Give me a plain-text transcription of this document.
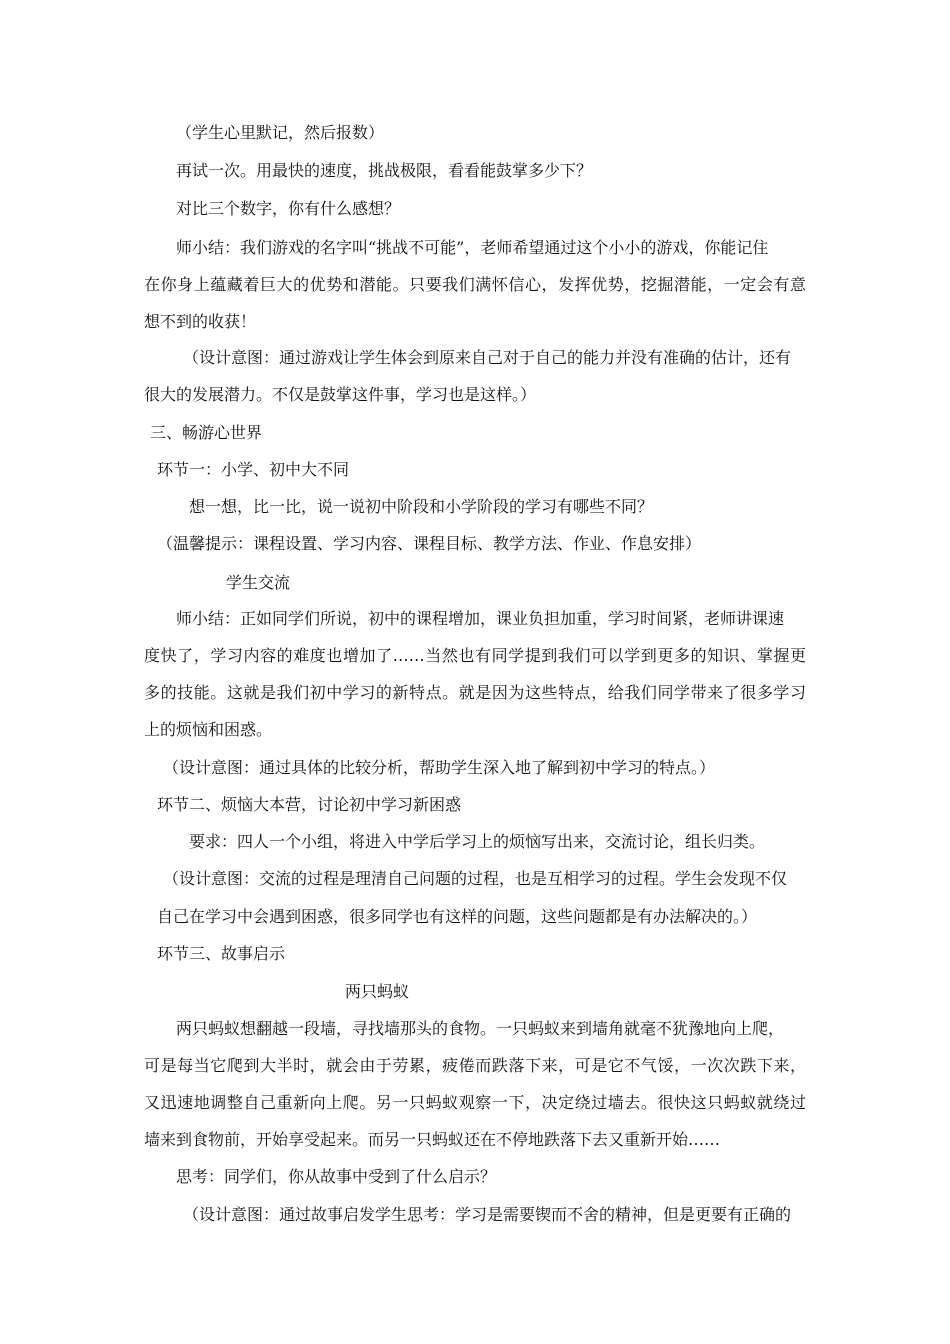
（学生心里默记，然后报数）
再试一次。用最快的速度，挑战极限，看看能鼓掌多少下？
对比三个数字，你有什么感想？
师小结：我们游戏的名字叫“挑战不可能”，老师希望通过这个小小的游戏，你能记住
在你身上蕴藏着巨大的优势和潜能。只要我们满怀信心，发挥优势，挖掘潜能，一定会有意
想不到的收获！
（设计意图：通过游戏让学生体会到原来自己对于自己的能力并没有准确的估计，还有
很大的发展潜力。不仅是鼓掌这件事，学习也是这样。）
三、畅游心世界
环节一：小学、初中大不同
想一想，比一比，说一说初中阶段和小学阶段的学习有哪些不同？
（温馨提示：课程设置、学习内容、课程目标、教学方法、作业、作息安排）
学生交流
师小结：正如同学们所说，初中的课程增加，课业负担加重，学习时间紧，老师讲课速
度快了，学习内容的难度也增加了……当然也有同学提到我们可以学到更多的知识、掌握更
多的技能。这就是我们初中学习的新特点。就是因为这些特点，给我们同学带来了很多学习
上的烦恼和困惑。
（设计意图：通过具体的比较分析，帮助学生深入地了解到初中学习的特点。）
环节二、烦恼大本营，讨论初中学习新困惑
要求：四人一个小组，将进入中学后学习上的烦恼写出来，交流讨论，组长归类。
（设计意图：交流的过程是理清自己问题的过程，也是互相学习的过程。学生会发现不仅
自己在学习中会遇到困惑，很多同学也有这样的问题，这些问题都是有办法解决的。）
环节三、故事启示
两只蚂蚁
两只蚂蚁想翻越一段墙，寻找墙那头的食物。一只蚂蚁来到墙角就毫不犹豫地向上爬，
可是每当它爬到大半时，就会由于劳累，疲倦而跌落下来，可是它不气馁，一次次跌下来，
又迅速地调整自己重新向上爬。另一只蚂蚁观察一下，决定绕过墙去。很快这只蚂蚁就绕过
墙来到食物前，开始享受起来。而另一只蚂蚁还在不停地跌落下去又重新开始……
思考：同学们，你从故事中受到了什么启示？
（设计意图：通过故事启发学生思考：学习是需要锲而不舍的精神，但是更要有正确的
